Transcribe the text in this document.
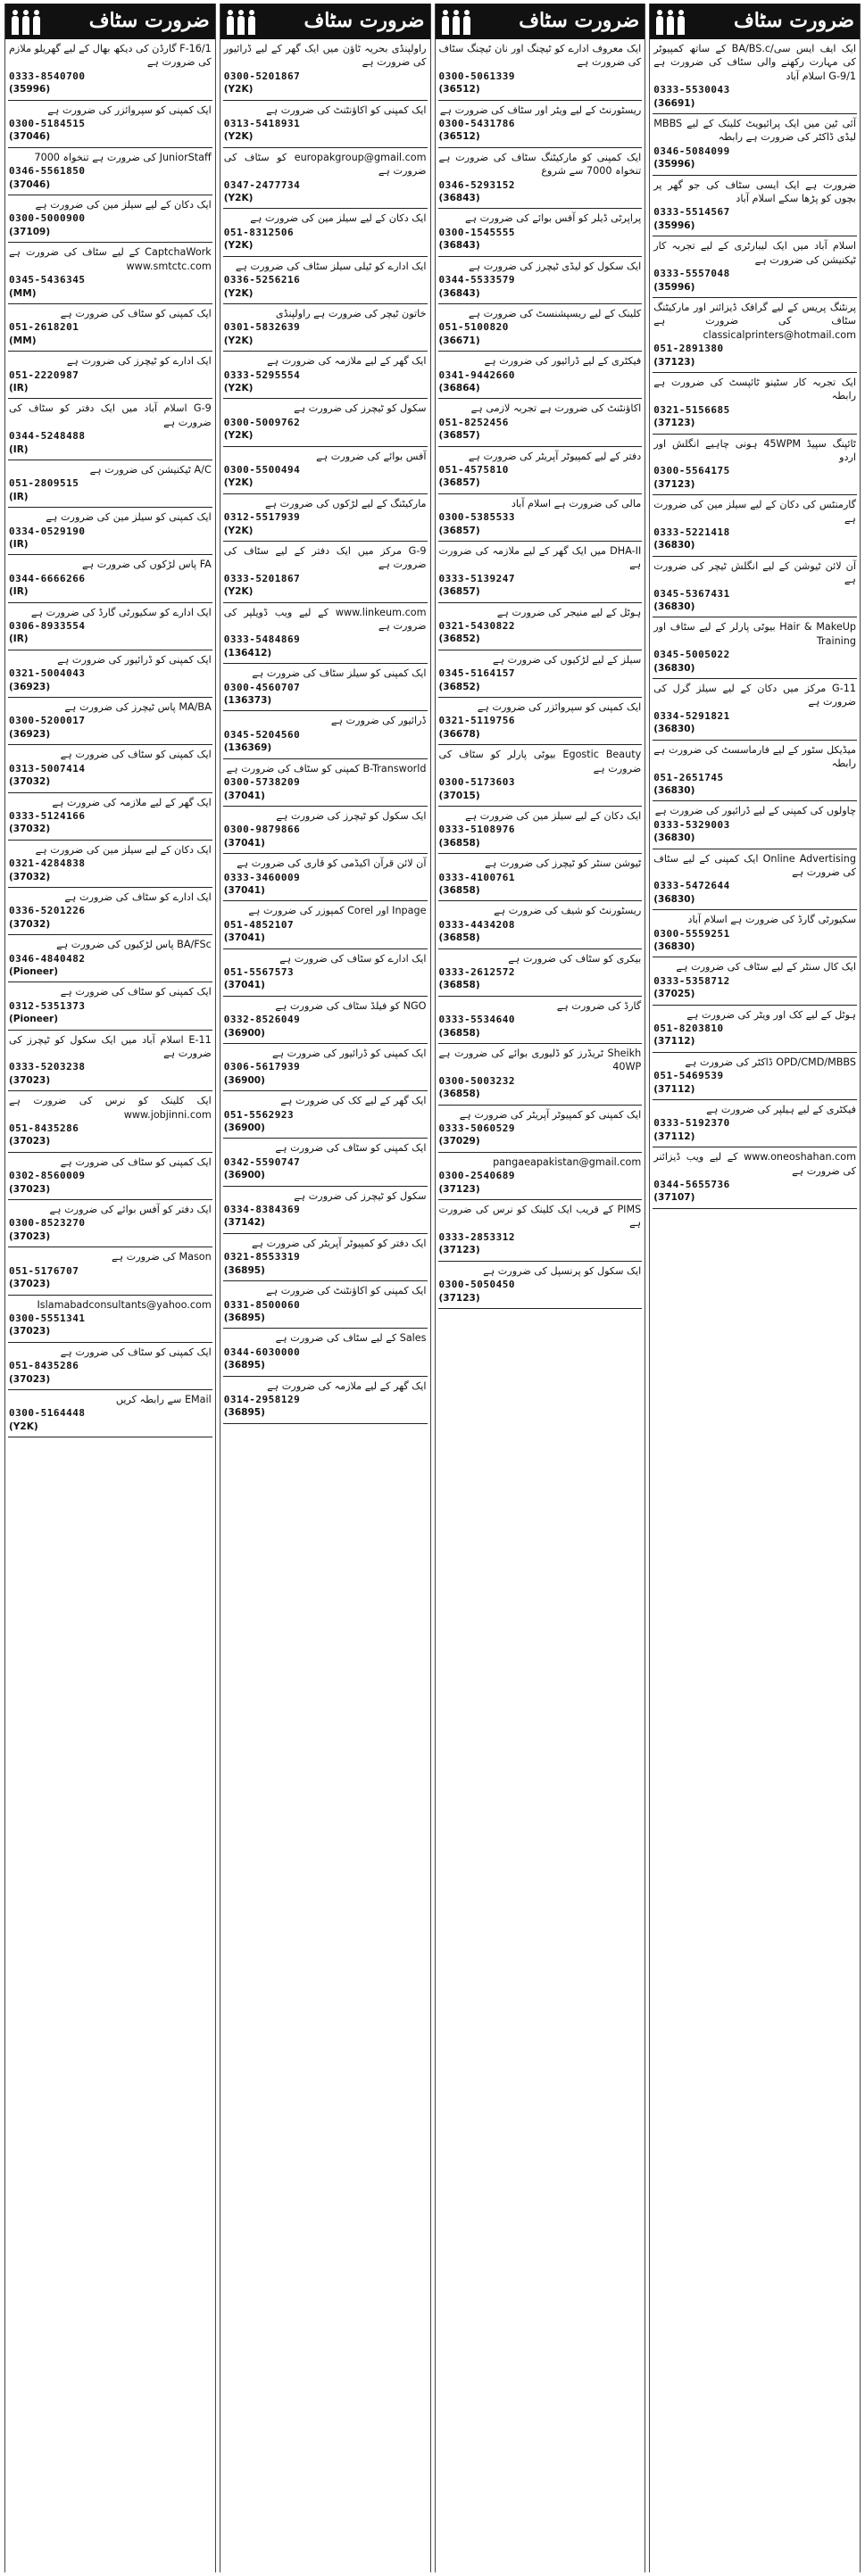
ضرورت سٹاف
ایک ایف ایس سی/BA/BS.c کے ساتھ کمپیوٹر کی مہارت رکھنے والی سٹاف کی ضرورت ہے G-9/1 اسلام آباد
0333-5530043
(36691)
آئی ٹین میں ایک پرائیویٹ کلینک کے لیے MBBS لیڈی ڈاکٹر کی ضرورت ہے رابطہ
0346-5084099
(35996)
ضرورت ہے ایک ایسی سٹاف کی جو گھر پر بچوں کو پڑھا سکے اسلام آباد
0333-5514567
(35996)
اسلام آباد میں ایک لیبارٹری کے لیے تجربہ کار ٹیکنیشن کی ضرورت ہے
0333-5557048
(35996)
پرنٹنگ پریس کے لیے گرافک ڈیزائنر اور مارکیٹنگ سٹاف کی ضرورت ہے classicalprinters@hotmail.com
051-2891380
(37123)
ایک تجربہ کار سٹینو ٹائپسٹ کی ضرورت ہے رابطہ
0321-5156685
(37123)
ٹائپنگ سپیڈ 45WPM ہونی چاہیے انگلش اور اردو
0300-5564175
(37123)
گارمنٹس کی دکان کے لیے سیلز مین کی ضرورت ہے
0333-5221418
(36830)
آن لائن ٹیوشن کے لیے انگلش ٹیچر کی ضرورت ہے
0345-5367431
(36830)
Hair & MakeUp بیوٹی پارلر کے لیے سٹاف اور Training
0345-5005022
(36830)
G-11 مرکز میں دکان کے لیے سیلز گرل کی ضرورت ہے
0334-5291821
(36830)
میڈیکل سٹور کے لیے فارماسسٹ کی ضرورت ہے رابطہ
051-2651745
(36830)
چاولوں کی کمپنی کے لیے ڈرائیور کی ضرورت ہے
0333-5329003
(36830)
Online Advertising ایک کمپنی کے لیے سٹاف کی ضرورت ہے
0333-5472644
(36830)
سکیورٹی گارڈ کی ضرورت ہے اسلام آباد
0300-5559251
(36830)
ایک کال سنٹر کے لیے سٹاف کی ضرورت ہے
0333-5358712
(37025)
ہوٹل کے لیے کک اور ویٹر کی ضرورت ہے
051-8203810
(37112)
OPD/CMD/MBBS ڈاکٹر کی ضرورت ہے
051-5469539
(37112)
فیکٹری کے لیے ہیلپر کی ضرورت ہے
0333-5192370
(37112)
www.oneoshahan.com کے لیے ویب ڈیزائنر کی ضرورت ہے
0344-5655736
(37107)
ضرورت سٹاف
ایک معروف ادارے کو ٹیچنگ اور نان ٹیچنگ سٹاف کی ضرورت ہے
0300-5061339
(36512)
ریسٹورنٹ کے لیے ویٹر اور سٹاف کی ضرورت ہے
0300-5431786
(36512)
ایک کمپنی کو مارکیٹنگ سٹاف کی ضرورت ہے تنخواہ 7000 سے شروع
0346-5293152
(36843)
پراپرٹی ڈیلر کو آفس بوائے کی ضرورت ہے
0300-1545555
(36843)
ایک سکول کو لیڈی ٹیچرز کی ضرورت ہے
0344-5533579
(36843)
کلینک کے لیے ریسپشنسٹ کی ضرورت ہے
051-5100820
(36671)
فیکٹری کے لیے ڈرائیور کی ضرورت ہے
0341-9442660
(36864)
اکاؤنٹنٹ کی ضرورت ہے تجربہ لازمی ہے
051-8252456
(36857)
دفتر کے لیے کمپیوٹر آپریٹر کی ضرورت ہے
051-4575810
(36857)
مالی کی ضرورت ہے اسلام آباد
0300-5385533
(36857)
DHA-II میں ایک گھر کے لیے ملازمہ کی ضرورت ہے
0333-5139247
(36857)
ہوٹل کے لیے منیجر کی ضرورت ہے
0321-5430822
(36852)
سیلز کے لیے لڑکیوں کی ضرورت ہے
0345-5164157
(36852)
ایک کمپنی کو سپروائزر کی ضرورت ہے
0321-5119756
(36678)
Egostic Beauty بیوٹی پارلر کو سٹاف کی ضرورت ہے
0300-5173603
(37015)
ایک دکان کے لیے سیلز مین کی ضرورت ہے
0333-5108976
(36858)
ٹیوشن سنٹر کو ٹیچرز کی ضرورت ہے
0333-4100761
(36858)
ریسٹورنٹ کو شیف کی ضرورت ہے
0333-4434208
(36858)
بیکری کو سٹاف کی ضرورت ہے
0333-2612572
(36858)
گارڈ کی ضرورت ہے
0333-5534640
(36858)
Sheikh ٹریڈرز کو ڈلیوری بوائے کی ضرورت ہے 40WP
0300-5003232
(36858)
ایک کمپنی کو کمپیوٹر آپریٹر کی ضرورت ہے
0333-5060529
(37029)
pangaeapakistan@gmail.com
0300-2540689
(37123)
PIMS کے قریب ایک کلینک کو نرس کی ضرورت ہے
0333-2853312
(37123)
ایک سکول کو پرنسپل کی ضرورت ہے
0300-5050450
(37123)
ضرورت سٹاف
راولپنڈی بحریہ ٹاؤن میں ایک گھر کے لیے ڈرائیور کی ضرورت ہے
0300-5201867
(Y2K)
ایک کمپنی کو اکاؤنٹنٹ کی ضرورت ہے
0313-5418931
(Y2K)
europakgroup@gmail.com کو سٹاف کی ضرورت ہے
0347-2477734
(Y2K)
ایک دکان کے لیے سیلز مین کی ضرورت ہے
051-8312506
(Y2K)
ایک ادارے کو ٹیلی سیلز سٹاف کی ضرورت ہے
0336-5256216
(Y2K)
خاتون ٹیچر کی ضرورت ہے راولپنڈی
0301-5832639
(Y2K)
ایک گھر کے لیے ملازمہ کی ضرورت ہے
0333-5295554
(Y2K)
سکول کو ٹیچرز کی ضرورت ہے
0300-5009762
(Y2K)
آفس بوائے کی ضرورت ہے
0300-5500494
(Y2K)
مارکیٹنگ کے لیے لڑکوں کی ضرورت ہے
0312-5517939
(Y2K)
G-9 مرکز میں ایک دفتر کے لیے سٹاف کی ضرورت ہے
0333-5201867
(Y2K)
www.linkeum.com کے لیے ویب ڈویلپر کی ضرورت ہے
0333-5484869
(136412)
ایک کمپنی کو سیلز سٹاف کی ضرورت ہے
0300-4560707
(136373)
ڈرائیور کی ضرورت ہے
0345-5204560
(136369)
B-Transworld کمپنی کو سٹاف کی ضرورت ہے
0300-5738209
(37041)
ایک سکول کو ٹیچرز کی ضرورت ہے
0300-9879866
(37041)
آن لائن قرآن اکیڈمی کو قاری کی ضرورت ہے
0333-3460009
(37041)
Inpage اور Corel کمپوزر کی ضرورت ہے
051-4852107
(37041)
ایک ادارے کو سٹاف کی ضرورت ہے
051-5567573
(37041)
NGO کو فیلڈ سٹاف کی ضرورت ہے
0332-8526049
(36900)
ایک کمپنی کو ڈرائیور کی ضرورت ہے
0306-5617939
(36900)
ایک گھر کے لیے کک کی ضرورت ہے
051-5562923
(36900)
ایک کمپنی کو سٹاف کی ضرورت ہے
0342-5590747
(36900)
سکول کو ٹیچرز کی ضرورت ہے
0334-8384369
(37142)
ایک دفتر کو کمپیوٹر آپریٹر کی ضرورت ہے
0321-8553319
(36895)
ایک کمپنی کو اکاؤنٹنٹ کی ضرورت ہے
0331-8500060
(36895)
Sales کے لیے سٹاف کی ضرورت ہے
0344-6030000
(36895)
ایک گھر کے لیے ملازمہ کی ضرورت ہے
0314-2958129
(36895)
ضرورت سٹاف
F-16/1 گارڈن کی دیکھ بھال کے لیے گھریلو ملازم کی ضرورت ہے
0333-8540700
(35996)
ایک کمپنی کو سپروائزر کی ضرورت ہے
0300-5184515
(37046)
JuniorStaff کی ضرورت ہے تنخواہ 7000
0346-5561850
(37046)
ایک دکان کے لیے سیلز مین کی ضرورت ہے
0300-5000900
(37109)
CaptchaWork کے لیے سٹاف کی ضرورت ہے www.smtctc.com
0345-5436345
(MM)
ایک کمپنی کو سٹاف کی ضرورت ہے
051-2618201
(MM)
ایک ادارے کو ٹیچرز کی ضرورت ہے
051-2220987
(IR)
G-9 اسلام آباد میں ایک دفتر کو سٹاف کی ضرورت ہے
0344-5248488
(IR)
A/C ٹیکنیشن کی ضرورت ہے
051-2809515
(IR)
ایک کمپنی کو سیلز مین کی ضرورت ہے
0334-0529190
(IR)
FA پاس لڑکوں کی ضرورت ہے
0344-6666266
(IR)
ایک ادارے کو سکیورٹی گارڈ کی ضرورت ہے
0306-8933554
(IR)
ایک کمپنی کو ڈرائیور کی ضرورت ہے
0321-5004043
(36923)
MA/BA پاس ٹیچرز کی ضرورت ہے
0300-5200017
(36923)
ایک کمپنی کو سٹاف کی ضرورت ہے
0313-5007414
(37032)
ایک گھر کے لیے ملازمہ کی ضرورت ہے
0333-5124166
(37032)
ایک دکان کے لیے سیلز مین کی ضرورت ہے
0321-4284838
(37032)
ایک ادارے کو سٹاف کی ضرورت ہے
0336-5201226
(37032)
BA/FSc پاس لڑکیوں کی ضرورت ہے
0346-4840482
(Pioneer)
ایک کمپنی کو سٹاف کی ضرورت ہے
0312-5351373
(Pioneer)
E-11 اسلام آباد میں ایک سکول کو ٹیچرز کی ضرورت ہے
0333-5203238
(37023)
ایک کلینک کو نرس کی ضرورت ہے www.jobjinni.com
051-8435286
(37023)
ایک کمپنی کو سٹاف کی ضرورت ہے
0302-8560009
(37023)
ایک دفتر کو آفس بوائے کی ضرورت ہے
0300-8523270
(37023)
Mason کی ضرورت ہے
051-5176707
(37023)
Islamabadconsultants@yahoo.com
0300-5551341
(37023)
ایک کمپنی کو سٹاف کی ضرورت ہے
051-8435286
(37023)
EMail سے رابطہ کریں
0300-5164448
(Y2K)
